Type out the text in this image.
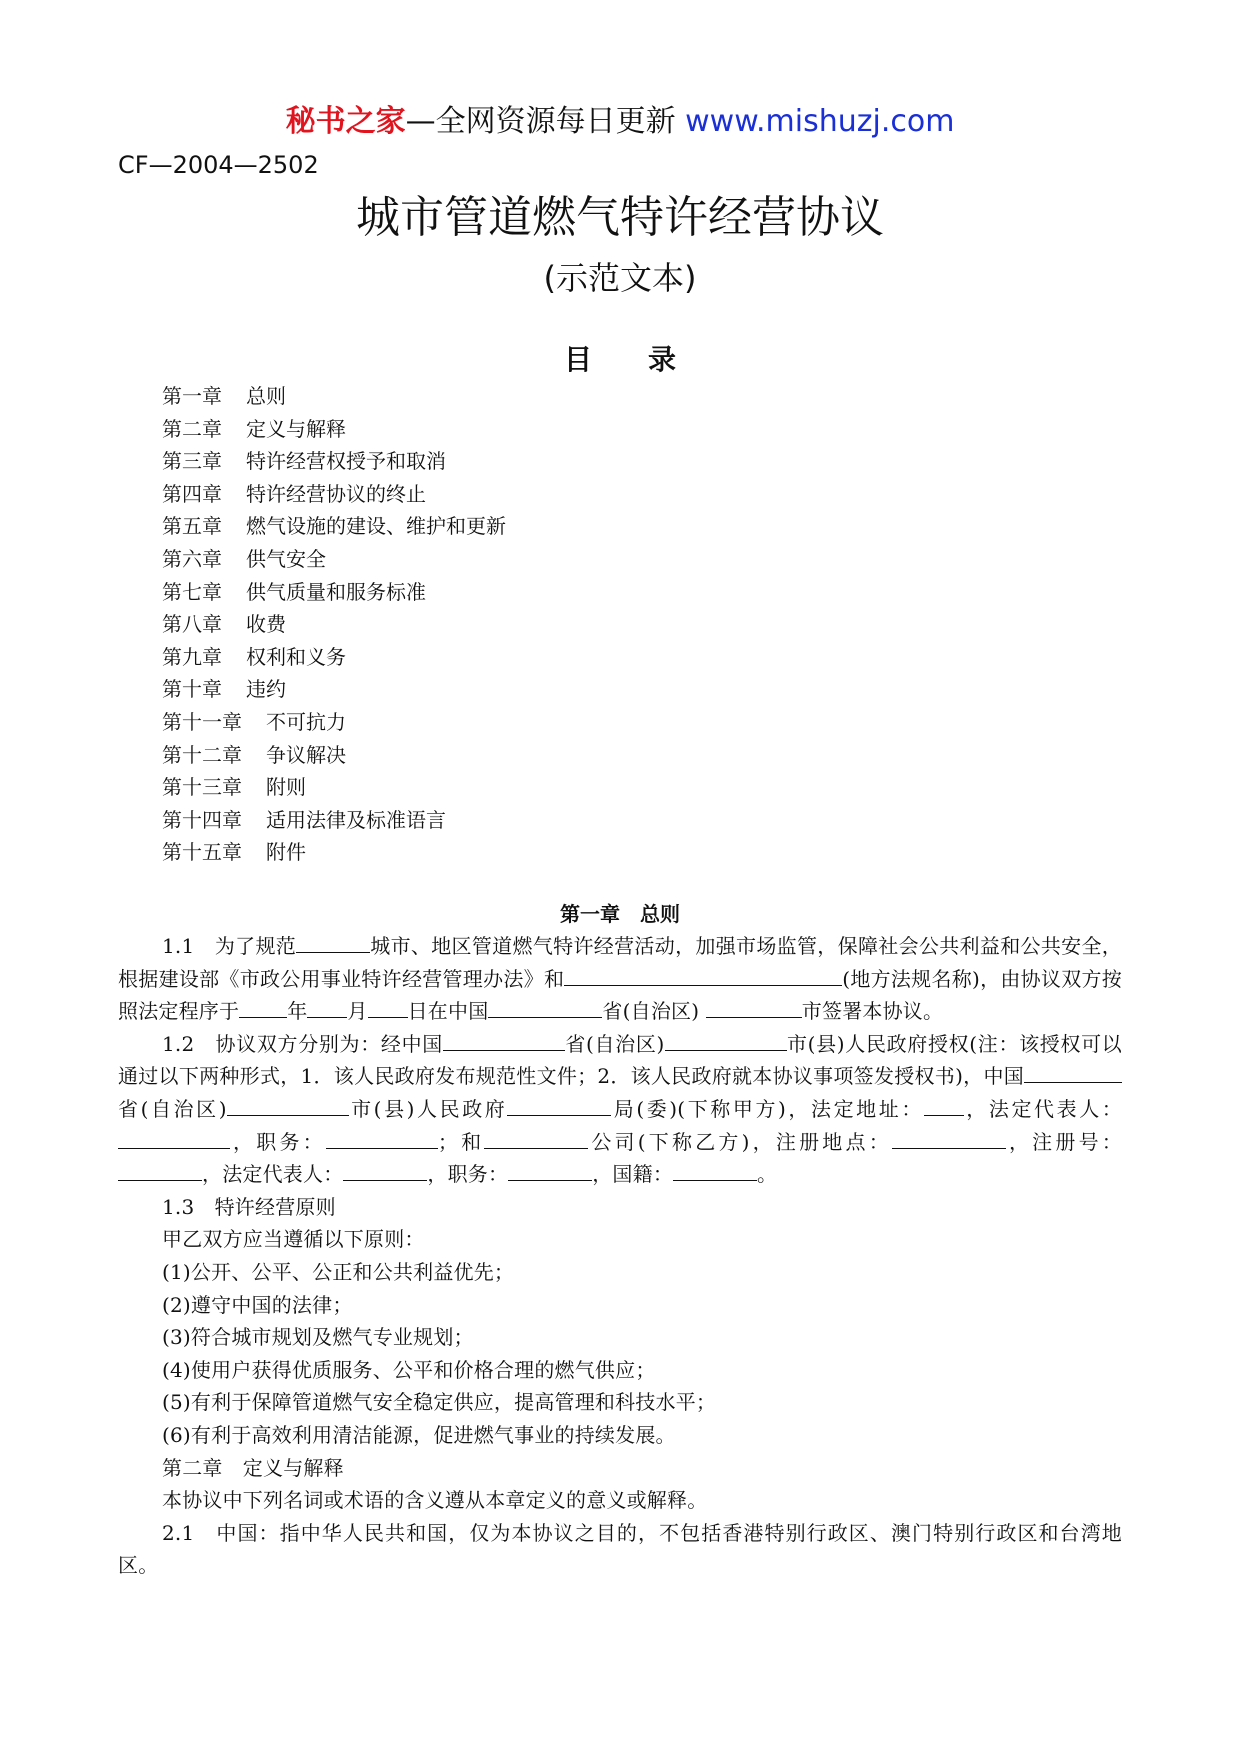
秘书之家—全网资源每日更新 www.mishuzj.com
CF—2004—2502
城市管道燃气特许经营协议
(示范文本)
目　　录
第一章 总则
第二章 定义与解释
第三章 特许经营权授予和取消
第四章 特许经营协议的终止
第五章 燃气设施的建设、维护和更新
第六章 供气安全
第七章 供气质量和服务标准
第八章 收费
第九章 权利和义务
第十章 违约
第十一章 不可抗力
第十二章 争议解决
第十三章 附则
第十四章 适用法律及标准语言
第十五章 附件
第一章　总则

1.1　为了规范	城市、地区管道燃气特许经营活动，加强市场监管，保障社会公共利益和公共安全，根据建设部《市政公用事业特许经营管理办法》和	(地方法规名称)，由协议双方按照法定程序于 年 月 日在中国	省(自治区)	市签署本协议。

1.2　协议双方分别为：经中国	省(自治区)	市(县)人民政府授权(注：该授权可以通过以下两种形式，1．该人民政府发布规范性文件；2．该人民政府就本协议事项签发授权书)，中国省(自治区)	市(县)人民政府	局(委)(下称甲方)，法定地址： ，法定代表人：，职务：	；和	公司(下称乙方)，注册地点：	，注册号：，法定代表人：	，职务：	，国籍：	。

1.3　特许经营原则

甲乙双方应当遵循以下原则：

(1)公开、公平、公正和公共利益优先；

(2)遵守中国的法律；

(3)符合城市规划及燃气专业规划；

(4)使用户获得优质服务、公平和价格合理的燃气供应；

(5)有利于保障管道燃气安全稳定供应，提高管理和科技水平；

(6)有利于高效利用清洁能源，促进燃气事业的持续发展。

第二章　定义与解释

本协议中下列名词或术语的含义遵从本章定义的意义或解释。

2.1　中国：指中华人民共和国，仅为本协议之目的，不包括香港特别行政区、澳门特别行政区和台湾地区。
